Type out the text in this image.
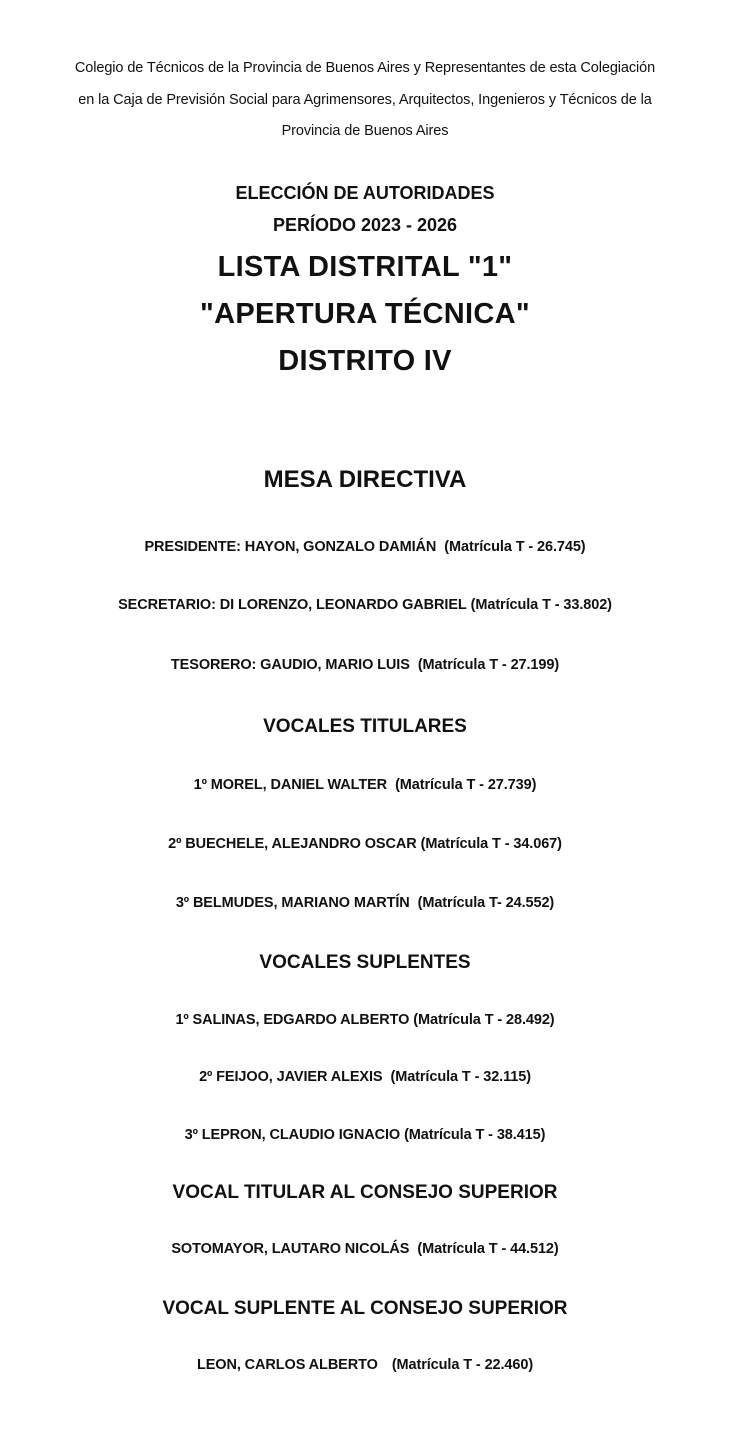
Colegio de Técnicos de la Provincia de Buenos Aires y Representantes de esta Colegiación
en la Caja de Previsión Social para Agrimensores, Arquitectos, Ingenieros y Técnicos de la
Provincia de Buenos Aires
ELECCIÓN DE AUTORIDADES
PERÍODO 2023 - 2026
LISTA DISTRITAL "1"
"APERTURA TÉCNICA"
DISTRITO IV
MESA DIRECTIVA
PRESIDENTE: HAYON, GONZALO DAMIÁN (Matrícula T - 26.745)
SECRETARIO: DI LORENZO, LEONARDO GABRIEL (Matrícula T - 33.802)
TESORERO: GAUDIO, MARIO LUIS (Matrícula T - 27.199)
VOCALES TITULARES
1º MOREL, DANIEL WALTER (Matrícula T - 27.739)
2º BUECHELE, ALEJANDRO OSCAR (Matrícula T - 34.067)
3º BELMUDES, MARIANO MARTÍN (Matrícula T- 24.552)
VOCALES SUPLENTES
1º SALINAS, EDGARDO ALBERTO (Matrícula T - 28.492)
2º FEIJOO, JAVIER ALEXIS (Matrícula T - 32.115)
3º LEPRON, CLAUDIO IGNACIO (Matrícula T - 38.415)
VOCAL TITULAR AL CONSEJO SUPERIOR
SOTOMAYOR, LAUTARO NICOLÁS (Matrícula T - 44.512)
VOCAL SUPLENTE AL CONSEJO SUPERIOR
LEON, CARLOS ALBERTO (Matrícula T - 22.460)
